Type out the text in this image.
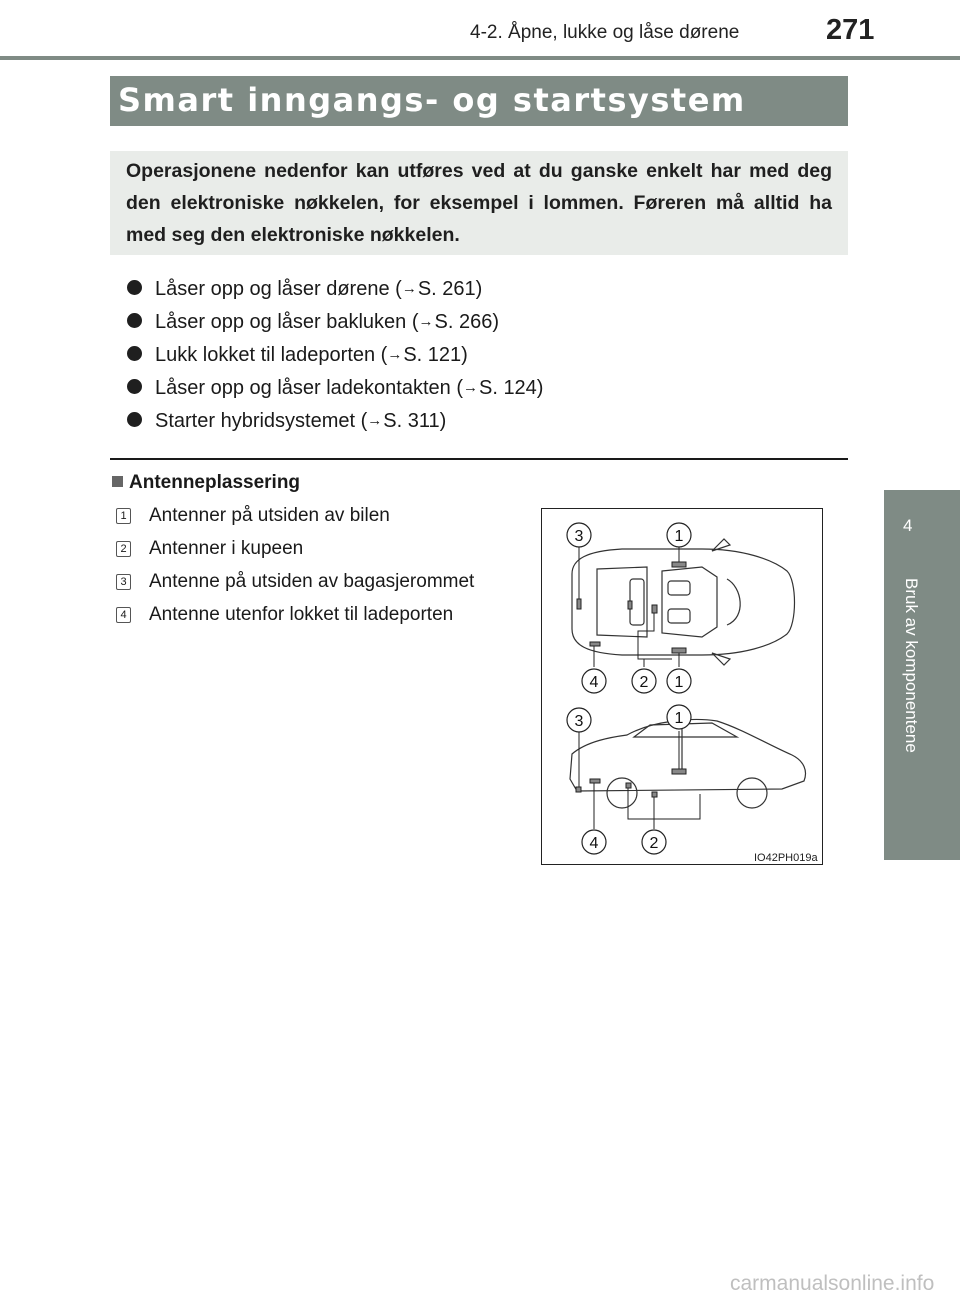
4-2. Åpne, lukke og låse dørene	271
Smart inngangs- og startsystem

Operasjonene nedenfor kan utføres ved at du ganske enkelt har med deg den elektroniske nøkkelen, for eksempel i lommen. Føreren må alltid ha med seg den elektroniske nøkkelen.

Låser opp og låser dørene (→S. 261)
Låser opp og låser bakluken (→S. 266)
Lukk lokket til ladeporten (→S. 121)
Låser opp og låser ladekontakten (→S. 124)
Starter hybridsystemet (→S. 311)
Antenneplassering
1 Antenner på utsiden av bilen
2 Antenner i kupeen
3 Antenne på utsiden av bagasjerommet
4 Antenne utenfor lokket til ladeporten
3	1
4	2 1
3	1
4	2
IO42PH019a
4
Bruk av komponentene
carmanualsonline.info
